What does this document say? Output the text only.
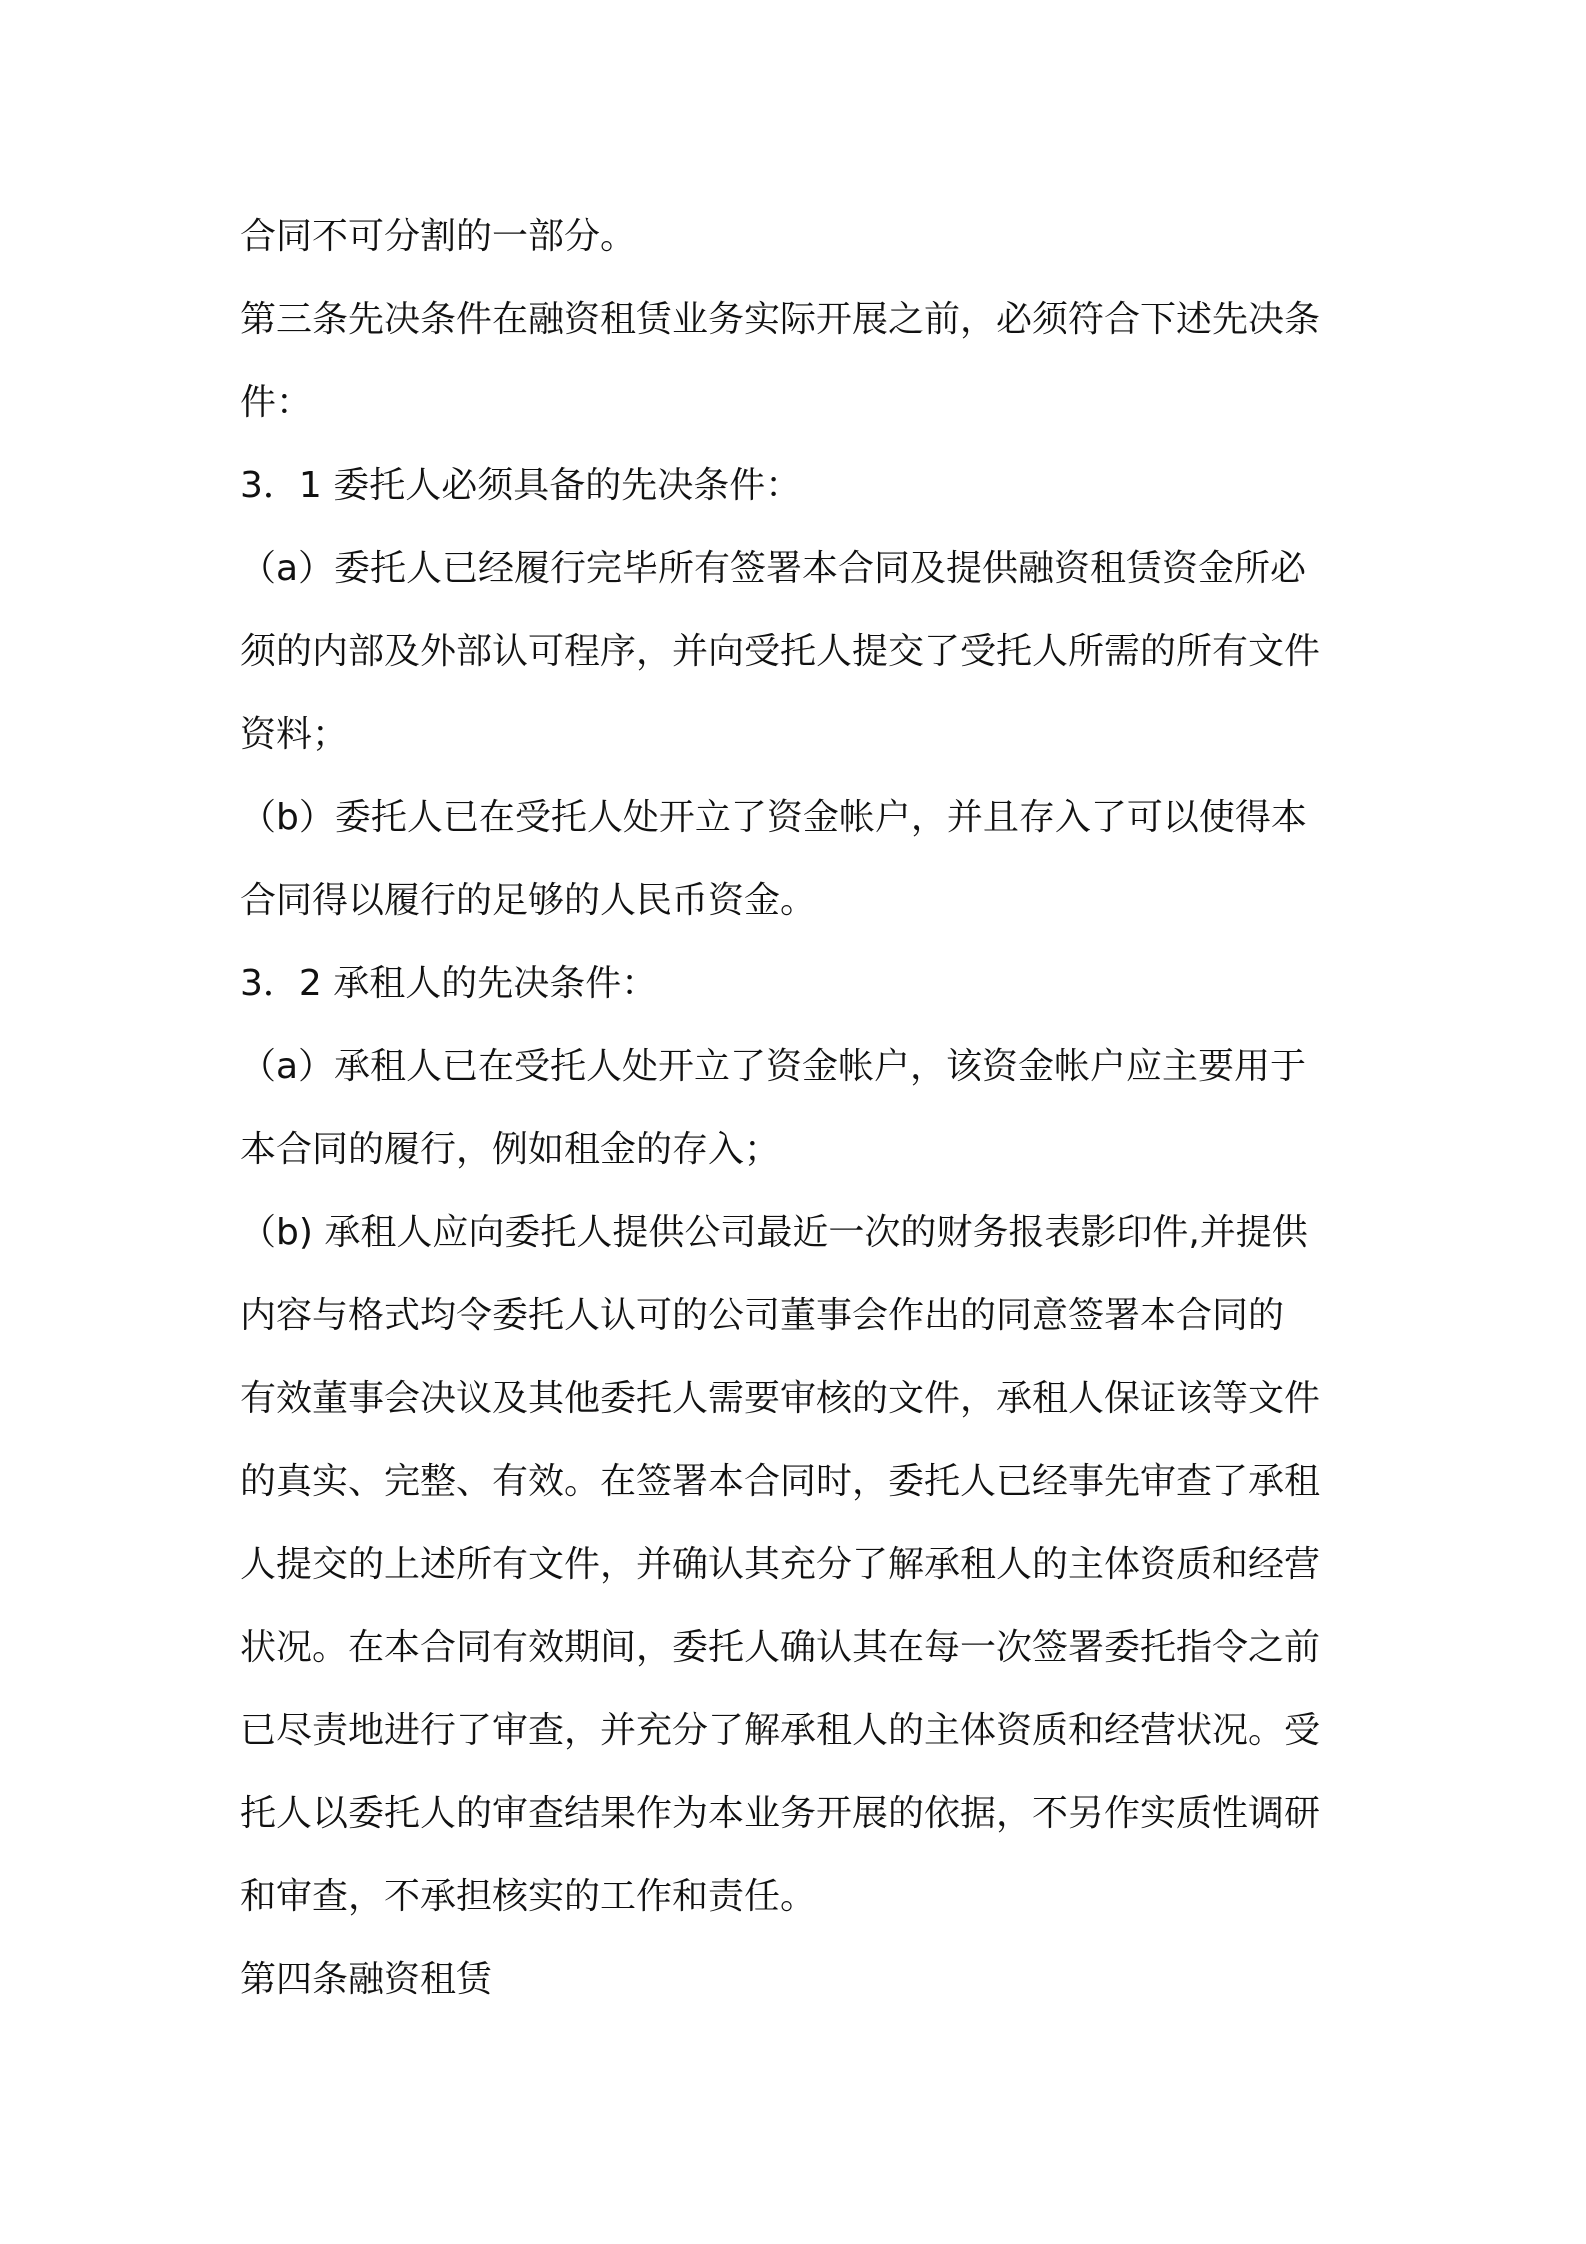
合同不可分割的一部分。

第三条先决条件在融资租赁业务实际开展之前，必须符合下述先决条

件：

3．1 委托人必须具备的先决条件：

（a）委托人已经履行完毕所有签署本合同及提供融资租赁资金所必

须的内部及外部认可程序，并向受托人提交了受托人所需的所有文件

资料；

（b）委托人已在受托人处开立了资金帐户，并且存入了可以使得本

合同得以履行的足够的人民币资金。

3．2 承租人的先决条件：

（a）承租人已在受托人处开立了资金帐户，该资金帐户应主要用于

本合同的履行，例如租金的存入；

（b) 承租人应向委托人提供公司最近一次的财务报表影印件,并提供

内容与格式均令委托人认可的公司董事会作出的同意签署本合同的

有效董事会决议及其他委托人需要审核的文件，承租人保证该等文件

的真实、完整、有效。在签署本合同时，委托人已经事先审查了承租

人提交的上述所有文件，并确认其充分了解承租人的主体资质和经营

状况。在本合同有效期间，委托人确认其在每一次签署委托指令之前

已尽责地进行了审查，并充分了解承租人的主体资质和经营状况。受

托人以委托人的审查结果作为本业务开展的依据，不另作实质性调研

和审查，不承担核实的工作和责任。

第四条融资租赁
